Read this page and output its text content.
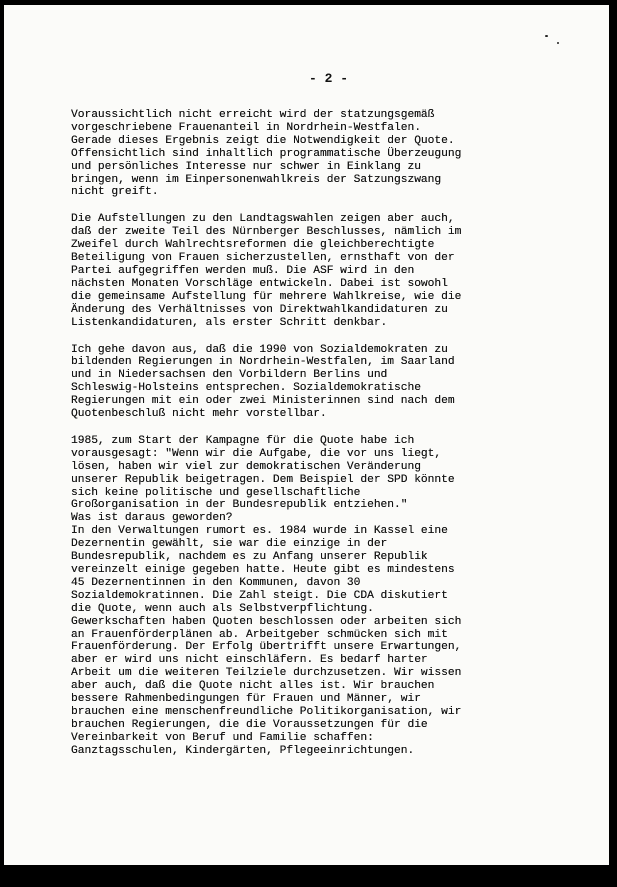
- 2 -
Voraussichtlich nicht erreicht wird der statzungsgemäß
vorgeschriebene Frauenanteil in Nordrhein-Westfalen.
Gerade dieses Ergebnis zeigt die Notwendigkeit der Quote.
Offensichtlich sind inhaltlich programmatische Überzeugung
und persönliches Interesse nur schwer in Einklang zu
bringen, wenn im Einpersonenwahlkreis der Satzungszwang
nicht greift.
Die Aufstellungen zu den Landtagswahlen zeigen aber auch,
daß der zweite Teil des Nürnberger Beschlusses, nämlich im
Zweifel durch Wahlrechtsreformen die gleichberechtigte
Beteiligung von Frauen sicherzustellen, ernsthaft von der
Partei aufgegriffen werden muß. Die ASF wird in den
nächsten Monaten Vorschläge entwickeln. Dabei ist sowohl
die gemeinsame Aufstellung für mehrere Wahlkreise, wie die
Änderung des Verhältnisses von Direktwahlkandidaturen zu
Listenkandidaturen, als erster Schritt denkbar.
Ich gehe davon aus, daß die 1990 von Sozialdemokraten zu
bildenden Regierungen in Nordrhein-Westfalen, im Saarland
und in Niedersachsen den Vorbildern Berlins und
Schleswig-Holsteins entsprechen. Sozialdemokratische
Regierungen mit ein oder zwei Ministerinnen sind nach dem
Quotenbeschluß nicht mehr vorstellbar.
1985, zum Start der Kampagne für die Quote habe ich
vorausgesagt: "Wenn wir die Aufgabe, die vor uns liegt,
lösen, haben wir viel zur demokratischen Veränderung
unserer Republik beigetragen. Dem Beispiel der SPD könnte
sich keine politische und gesellschaftliche
Großorganisation in der Bundesrepublik entziehen."
Was ist daraus geworden?
In den Verwaltungen rumort es. 1984 wurde in Kassel eine
Dezernentin gewählt, sie war die einzige in der
Bundesrepublik, nachdem es zu Anfang unserer Republik
vereinzelt einige gegeben hatte. Heute gibt es mindestens
45 Dezernentinnen in den Kommunen, davon 30
Sozialdemokratinnen. Die Zahl steigt. Die CDA diskutiert
die Quote, wenn auch als Selbstverpflichtung.
Gewerkschaften haben Quoten beschlossen oder arbeiten sich
an Frauenförderplänen ab. Arbeitgeber schmücken sich mit
Frauenförderung. Der Erfolg übertrifft unsere Erwartungen,
aber er wird uns nicht einschläfern. Es bedarf harter
Arbeit um die weiteren Teilziele durchzusetzen. Wir wissen
aber auch, daß die Quote nicht alles ist. Wir brauchen
bessere Rahmenbedingungen für Frauen und Männer, wir
brauchen eine menschenfreundliche Politikorganisation, wir
brauchen Regierungen, die die Voraussetzungen für die
Vereinbarkeit von Beruf und Familie schaffen:
Ganztagsschulen, Kindergärten, Pflegeeinrichtungen.
